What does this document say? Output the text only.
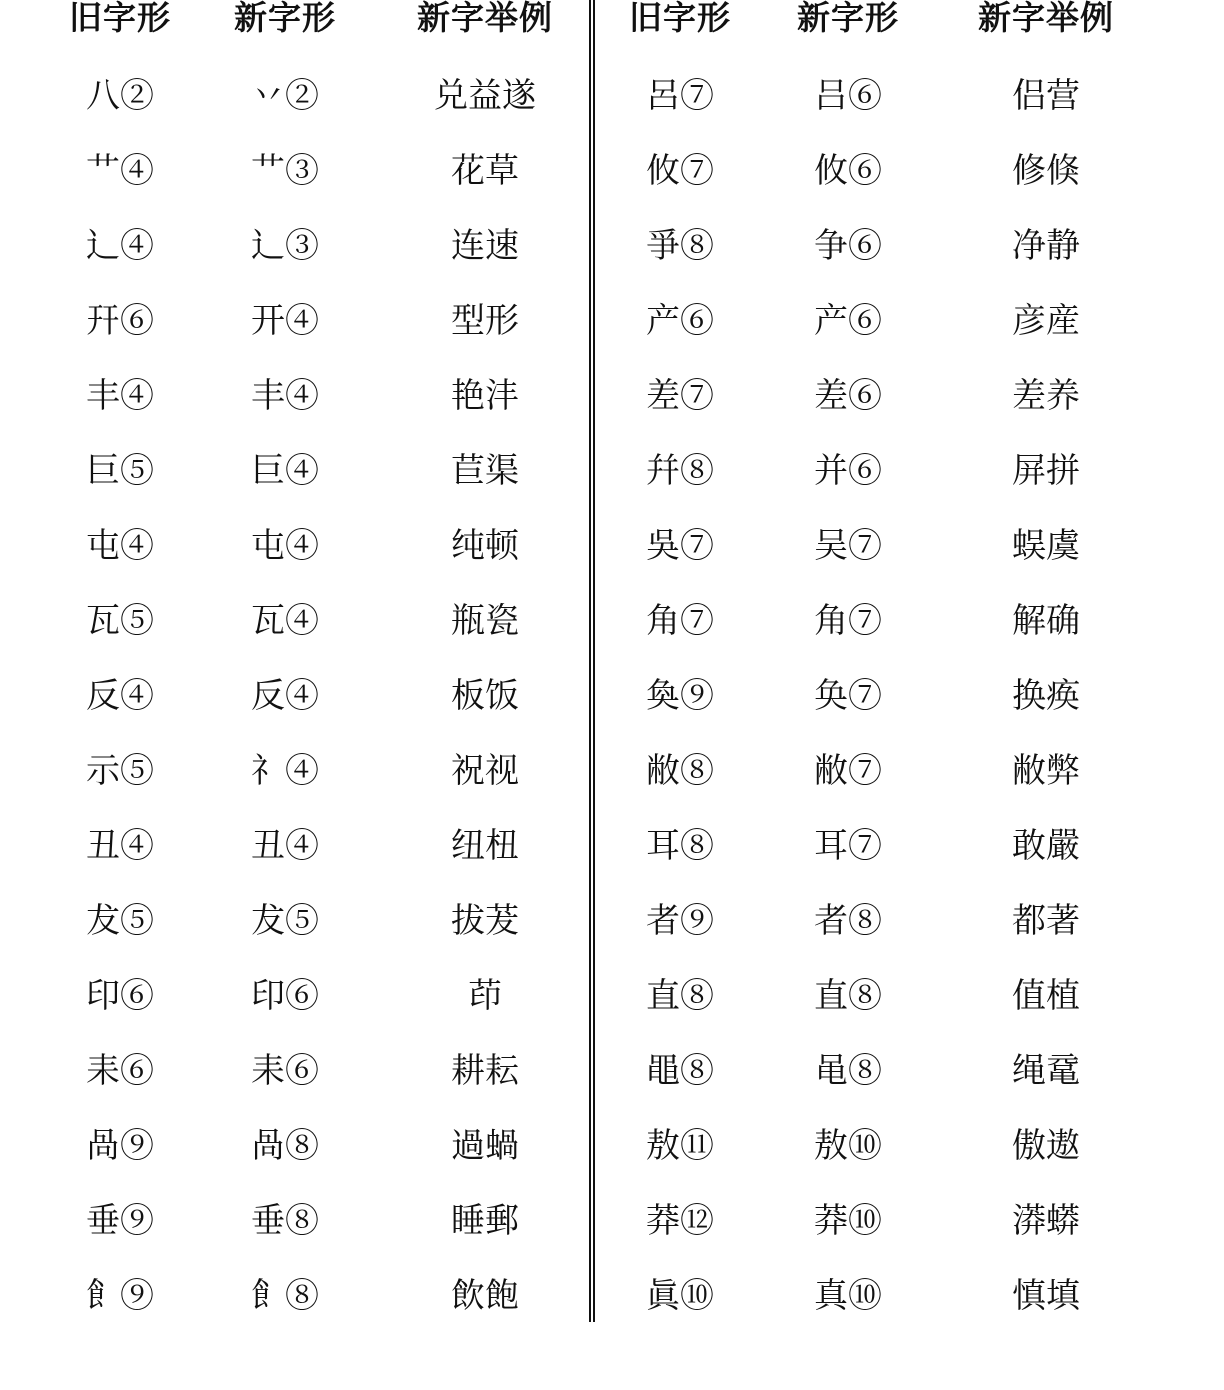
旧字形	新字形	新字举例
八②	丷②	兑益遂
艹④	艹③	花草
辶④	辶③	连速
幵⑥	开④	型形
丰④	丰④	艳沣
巨⑤	巨④	苣渠
屯④	屯④	纯顿
瓦⑤	瓦④	瓶瓷
反④	反④	板饭
示⑤	礻④	祝视
丑④	丑④	纽杻
犮⑤	犮⑤	拔茇
印⑥	印⑥	茚
耒⑥	耒⑥	耕耘
咼⑨	咼⑧	過蝸
垂⑨	垂⑧	睡郵
飠⑨	飠⑧	飲飽
旧字形	新字形	新字举例
呂⑦	吕⑥	侣营
攸⑦	攸⑥	修倏
爭⑧	争⑥	净静
产⑥	产⑥	彦産
差⑦	差⑥	差养
幷⑧	并⑥	屏拼
吳⑦	吴⑦	蜈虞
角⑦	角⑦	解确
奐⑨	奂⑦	换痪
敝⑧	敝⑦	敝弊
耳⑧	耳⑦	敢嚴
者⑨	者⑧	都著
直⑧	直⑧	值植
黽⑧	黾⑧	绳鼋
敖⑪	敖⑩	傲遨
莽⑫	莽⑩	漭蟒
眞⑩	真⑩	慎填
